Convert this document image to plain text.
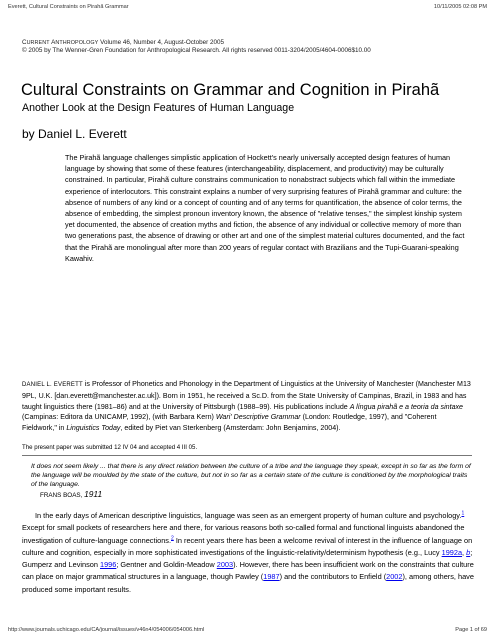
Everett, Cultural Constraints on Pirahã Grammar	10/11/2005 02:08 PM
CURRENT ANTHROPOLOGY Volume 46, Number 4, August-October 2005
© 2005 by The Wenner-Gren Foundation for Anthropological Research. All rights reserved 0011-3204/2005/4604-0006$10.00
Cultural Constraints on Grammar and Cognition in Pirahã
Another Look at the Design Features of Human Language
by Daniel L. Everett

The Pirahã language challenges simplistic application of Hockett's nearly universally accepted design features of human language by showing that some of these features (interchangeability, displacement, and productivity) may be culturally constrained. In particular, Pirahã culture constrains communication to nonabstract subjects which fall within the immediate experience of interlocutors. This constraint explains a number of very surprising features of Pirahã grammar and culture: the absence of numbers of any kind or a concept of counting and of any terms for quantification, the absence of color terms, the absence of embedding, the simplest pronoun inventory known, the absence of "relative tenses," the simplest kinship system yet documented, the absence of creation myths and fiction, the absence of any individual or collective memory of more than two generations past, the absence of drawing or other art and one of the simplest material cultures documented, and the fact that the Pirahã are monolingual after more than 200 years of regular contact with Brazilians and the Tupi-Guarani-speaking Kawahiv.

DANIEL L. EVERETT is Professor of Phonetics and Phonology in the Department of Linguistics at the University of Manchester (Manchester M13 9PL, U.K. [dan.everett@manchester.ac.uk]). Born in 1951, he received a Sc.D. from the State University of Campinas, Brazil, in 1983 and has taught linguistics there (1981–86) and at the University of Pittsburgh (1988–99). His publications include A língua pirahã e a teoria da sintaxe (Campinas: Editora da UNICAMP, 1992), (with Barbara Kern) Wari' Descriptive Grammar (London: Routledge, 1997), and "Coherent Fieldwork," in Linguistics Today, edited by Piet van Sterkenberg (Amsterdam: John Benjamins, 2004).

The present paper was submitted 12 IV 04 and accepted 4 III 05.

It does not seem likely ... that there is any direct relation between the culture of a tribe and the language they speak, except in so far as the form of the language will be moulded by the state of the culture, but not in so far as a certain state of the culture is conditioned by the morphological traits of the language.

FRANS BOAS, 1911

In the early days of American descriptive linguistics, language was seen as an emergent property of human culture and psychology.$^1$ Except for small pockets of researchers here and there, for various reasons both so-called formal and functional linguists abandoned the investigation of culture-language connections.$^2$ In recent years there has been a welcome revival of interest in the influence of language on culture and cognition, especially in more sophisticated investigations of the linguistic-relativity/determinism hypothesis (e.g., Lucy 1992a, b; Gumperz and Levinson 1996; Gentner and Goldin-Meadow 2003). However, there has been insufficient work on the constraints that culture can place on major grammatical structures in a language, though Pawley (1987) and the contributors to Enfield (2002), among others, have produced some important results.

http://www.journals.uchicago.edu/CA/journal/issues/v46n4/054006/054006.html	Page 1 of 69
